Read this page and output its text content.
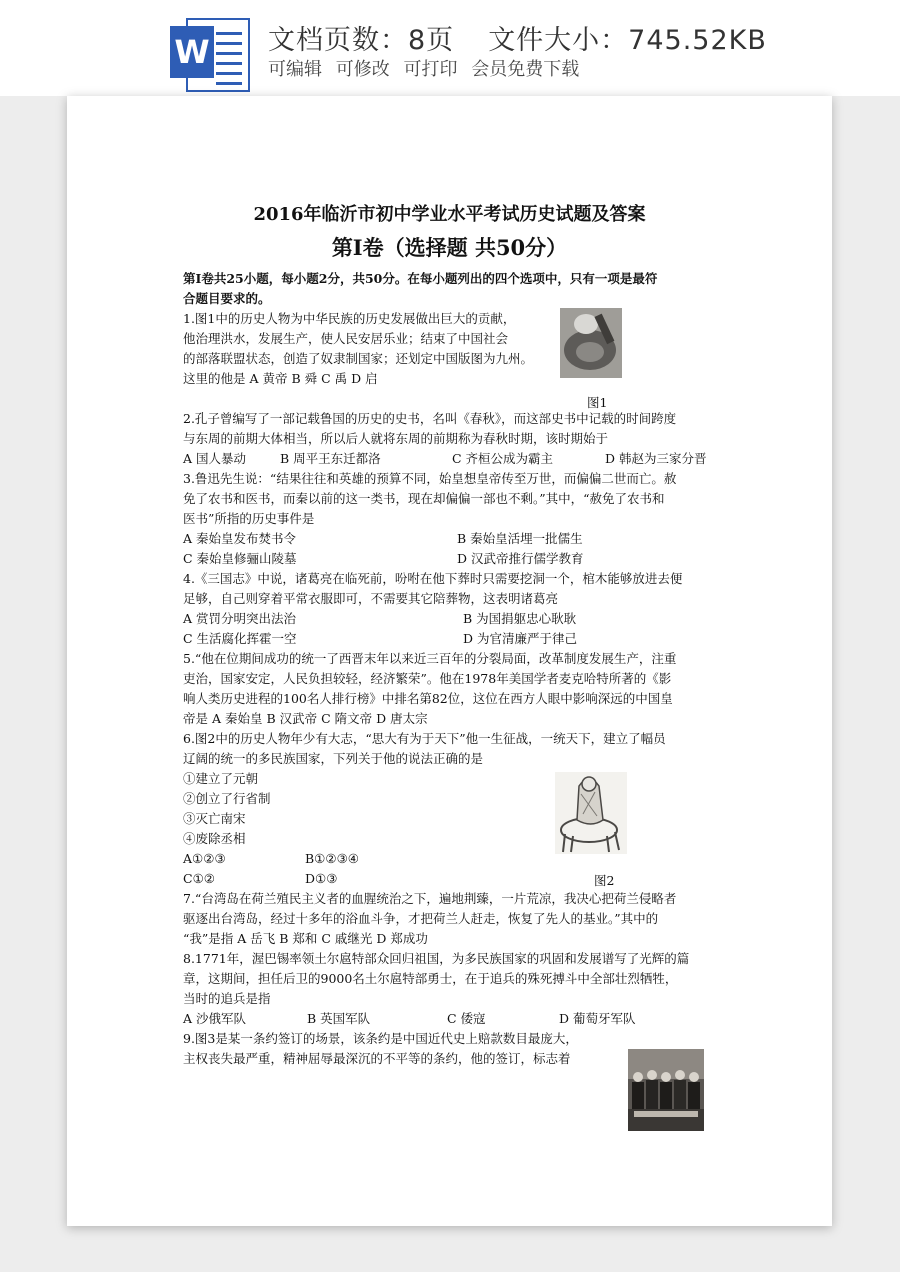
W 文档页数：8页 文件大小：745.52KB
可编辑 可修改 可打印 会员免费下载
2016年临沂市初中学业水平考试历史试题及答案
第Ⅰ卷（选择题 共50分）
第Ⅰ卷共25小题，每小题2分，共50分。在每小题列出的四个选项中，只有一项是最符
合题目要求的。
1.图1中的历史人物为中华民族的历史发展做出巨大的贡献，
他治理洪水，发展生产，使人民安居乐业；结束了中国社会
的部落联盟状态，创造了奴隶制国家；还划定中国版图为九州。
这里的他是 A 黄帝 B 舜 C 禹 D 启
图1
2.孔子曾编写了一部记载鲁国的历史的史书，名叫《春秋》，而这部史书中记载的时间跨度
与东周的前期大体相当，所以后人就将东周的前期称为春秋时期，该时期始于
A 国人暴动	B 周平王东迁都洛	C 齐桓公成为霸主	D 韩赵为三家分晋
3.鲁迅先生说：“结果往往和英雄的预算不同，始皇想皇帝传至万世，而偏偏二世而亡。赦
免了农书和医书，而秦以前的这一类书，现在却偏偏一部也不剩。”其中，“赦免了农书和
医书”所指的历史事件是
A 秦始皇发布焚书令	B 秦始皇活埋一批儒生
C 秦始皇修骊山陵墓	D 汉武帝推行儒学教育
4.《三国志》中说，诸葛亮在临死前，吩咐在他下葬时只需要挖洞一个，棺木能够放进去便
足够，自己则穿着平常衣服即可，不需要其它陪葬物，这表明诸葛亮
A 赏罚分明突出法治	B 为国捐躯忠心耿耿
C 生活腐化挥霍一空	D 为官清廉严于律己
5.“他在位期间成功的统一了西晋末年以来近三百年的分裂局面，改革制度发展生产，注重
吏治，国家安定，人民负担较轻，经济繁荣”。他在1978年美国学者麦克哈特所著的《影
响人类历史进程的100名人排行榜》中排名第82位，这位在西方人眼中影响深远的中国皇
帝是 A 秦始皇 B 汉武帝 C 隋文帝 D 唐太宗
6.图2中的历史人物年少有大志，“思大有为于天下”他一生征战，一统天下，建立了幅员
辽阔的统一的多民族国家，下列关于他的说法正确的是
①建立了元朝
②创立了行省制
③灭亡南宋
④废除丞相
A①②③	B①②③④
C①②	D①③	图2
7.“台湾岛在荷兰殖民主义者的血腥统治之下，遍地荆臻，一片荒凉，我决心把荷兰侵略者
驱逐出台湾岛，经过十多年的浴血斗争，才把荷兰人赶走，恢复了先人的基业。”其中的
“我”是指 A 岳飞 B 郑和 C 戚继光 D 郑成功
8.1771年，渥巴锡率领土尔扈特部众回归祖国，为多民族国家的巩固和发展谱写了光辉的篇
章，这期间，担任后卫的9000名土尔扈特部勇士，在于追兵的殊死搏斗中全部壮烈牺牲，
当时的追兵是指
A 沙俄军队	B 英国军队	C 倭寇	D 葡萄牙军队
9.图3是某一条约签订的场景，该条约是中国近代史上赔款数目最庞大，
主权丧失最严重，精神屈辱最深沉的不平等的条约，他的签订，标志着
